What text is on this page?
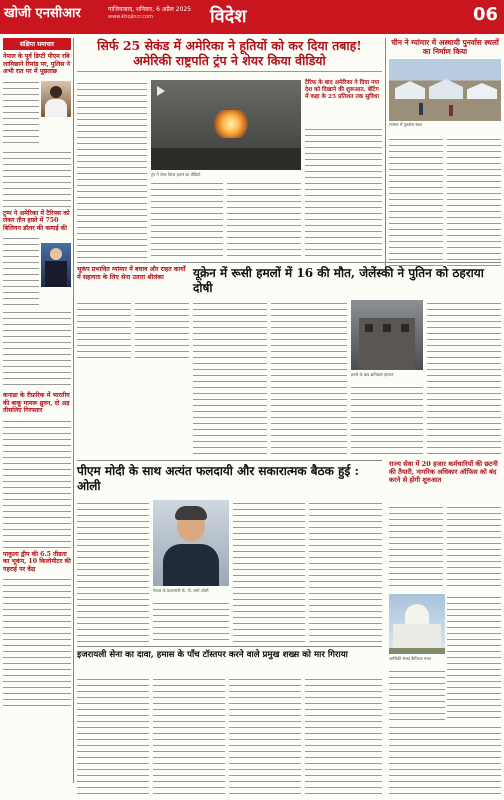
खोजी एनसीआर	गाजियाबाद, शनिवार, 6 अप्रैल 2025
www.khojincr.com	विदेश	06
संक्षिप्त समाचार
नेपाल के पूर्व डिप्टी पीएम रबि लामिछाने रिमांड पर, पुलिस ने अभी रात पर में पूछताछ
ट्रम्प ने अमेरिका में टैरिफ्स को लेकर तीन हफ़्ते में 750 बिलियन डॉलर की कमाई की
कनाडा के रीफ्ररिक में भारतीय की बाकू मामरू ध्रुवन, दो अड़ तीसलिए गिरफ्तार
पाकुला द्वीप की 6.5 तीव्रता का भूकंप, 10 किलोमीटर की गहराई पर केंद्र
सिर्फ 25 सेकंड में अमेरिका ने हूतियों को कर दिया तबाह! अमेरिकी राष्ट्रपति ट्रंप ने शेयर किया वीडियो
ट्रंप ने शेयर किया हमले का वीडियो
टैरिफ के बाद अमेरिका ने दिया नया देश को दिखाने की शुरूआत, बेटिंग में कहा के 25 प्रतिशत तक सुविधा
चीन ने म्यांमार में अस्थायी पुनर्वास स्थलों का निर्माण किया
म्यांमार में पुनर्वास स्थल
भूकंप प्रभावित म्यांमार में बचाव और राहत कार्यों में सहायता के लिए सेना उतारा श्रीलंका	यूक्रेन में रूसी हमलों में 16 की मौत, जेलेंस्की ने पुतिन को ठहराया दोषी
हमले के बाद क्षतिग्रस्त इमारत
पीएम मोदी के साथ अत्यंत फलदायी और सकारात्मक बैठक हुई : ओली
नेपाल के प्रधानमंत्री के. पी. शर्मा ओली
राज्य सेवा में 20 हजार कर्मचारियों की छटनी की तैयारी, नागरिक अधिकार ऑफिस को बंद करने से होगी शुरुआत
अमेरिकी संसद कैपिटल भवन
इजरायली सेना का दावा, हमास के पाँच टॉस्तपर करने वाले प्रमुख शख्स को मार गिराया
